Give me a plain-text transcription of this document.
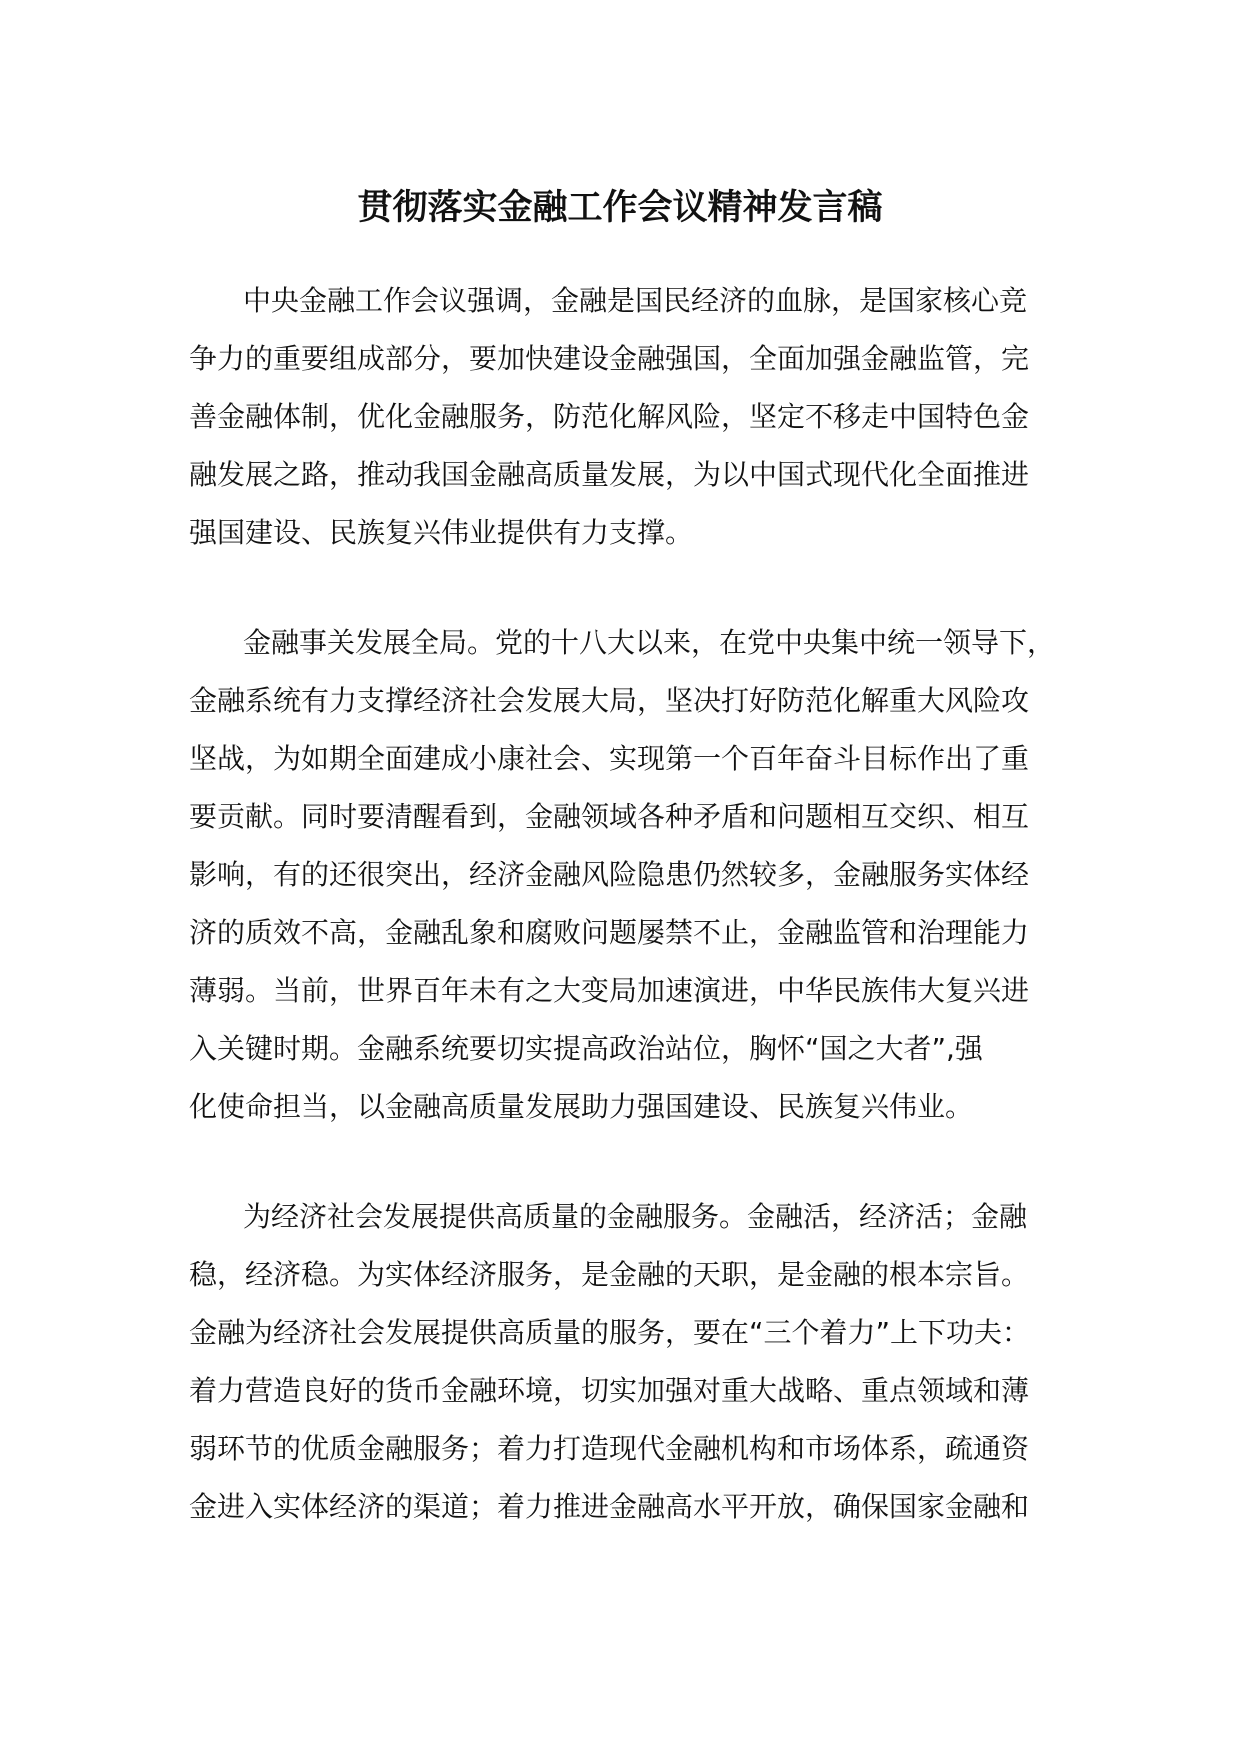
贯彻落实金融工作会议精神发言稿
中央金融工作会议强调，金融是国民经济的血脉，是国家核心竞
争力的重要组成部分，要加快建设金融强国，全面加强金融监管，完
善金融体制，优化金融服务，防范化解风险，坚定不移走中国特色金
融发展之路，推动我国金融高质量发展，为以中国式现代化全面推进
强国建设、民族复兴伟业提供有力支撑。
金融事关发展全局。党的十八大以来，在党中央集中统一领导下，
金融系统有力支撑经济社会发展大局，坚决打好防范化解重大风险攻
坚战，为如期全面建成小康社会、实现第一个百年奋斗目标作出了重
要贡献。同时要清醒看到，金融领域各种矛盾和问题相互交织、相互
影响，有的还很突出，经济金融风险隐患仍然较多，金融服务实体经
济的质效不高，金融乱象和腐败问题屡禁不止，金融监管和治理能力
薄弱。当前，世界百年未有之大变局加速演进，中华民族伟大复兴进
入关键时期。金融系统要切实提高政治站位，胸怀“国之大者”,强
化使命担当，以金融高质量发展助力强国建设、民族复兴伟业。
为经济社会发展提供高质量的金融服务。金融活，经济活；金融
稳，经济稳。为实体经济服务，是金融的天职，是金融的根本宗旨。
金融为经济社会发展提供高质量的服务，要在“三个着力”上下功夫：
着力营造良好的货币金融环境，切实加强对重大战略、重点领域和薄
弱环节的优质金融服务；着力打造现代金融机构和市场体系，疏通资
金进入实体经济的渠道；着力推进金融高水平开放，确保国家金融和
